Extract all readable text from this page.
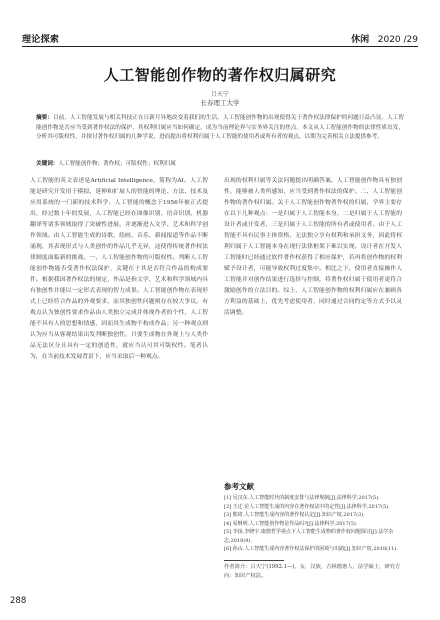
理论探索	休闲 2020 /29
人工智能创作物的著作权归属研究
吕天宁
长春理工大学
摘要：目前，人工智能发展与相关科技正在日新月异地改变着我们的生活，人工智能创作物的出现使得关于著作权法律保护的问题日益凸显。人工智能创作物是否应当受到著作权法的保护，其权利归属应当如何确定，成为当前理论界与实务界关注的焦点。本文从人工智能创作物的法律性质出发，分析其可版权性，并探讨著作权归属的几种学说，进而提出将权利归属于人工智能的使用者或所有者的观点，以期为完善相关立法提供参考。
关键词：人工智能创作物；著作权；可版权性；权利归属
人工智能的英文表述是Artificial Intelligence，简称为AI。人工智能是研究开发用于模拟、延伸和扩展人的智能的理论、方法、技术及应用系统的一门新的技术科学。人工智能的概念于1956年被正式提出，经过数十年的发展，人工智能已经在图像识别、语音识别、机器翻译等诸多领域取得了突破性进展，并逐渐进入文学、艺术和科学创作领域。由人工智能生成的诗歌、绘画、音乐、新闻报道等作品不断涌现，其表现形式与人类创作的作品几乎无异，这使得传统著作权法律制度面临新的挑战。一、人工智能创作物的可版权性。判断人工智能创作物能否受著作权法保护，关键在于其是否符合作品的构成要件。根据我国著作权法的规定，作品是指文学、艺术和科学领域内具有独创性并能以一定形式表现的智力成果。人工智能创作物在表现形式上已经符合作品的外观要求，而其独创性问题则存在较大争议。有观点认为独创性要求作品由人类独立完成并体现作者的个性，人工智能不具有人的思想和情感，因而其生成物不构成作品；另一种观点则认为应当从客观结果出发判断独创性，只要生成物在外观上与人类作品无法区分且具有一定的创造性，就应当认可其可版权性。笔者认为，在当前技术发展背景下，应当采取后一种观点。
出现的权利归属等关法问题提出明确答案。人工智能创作物具有独创性，能够被人类所感知，应当受到著作权法的保护。二、人工智能创作物的著作权归属。关于人工智能创作物著作权的归属，学界主要存在以下几种观点：一是归属于人工智能本身，二是归属于人工智能的设计者或开发者，三是归属于人工智能的所有者或使用者。由于人工智能不具有民事主体资格，无法独立享有权利和承担义务，因此将权利归属于人工智能本身在现行法律框架下难以实现。设计者在开发人工智能时已经通过软件著作权获得了相应保护，若再将创作物的权利赋予设计者，可能导致权利过度集中。相比之下，使用者直接操作人工智能并对创作结果进行选择与控制，将著作权归属于使用者更符合激励创作的立法目的。综上，人工智能创作物的权利归属应在兼顾各方利益的基础上，优先考虑使用者，同时通过合同约定等方式予以灵活调整。
参考文献
[1] 吴汉东.人工智能时代的制度安排与法律规制[J].法律科学,2017(5).
[2] 王迁.论人工智能生成的内容在著作权法中的定性[J].法律科学,2017(5).
[3] 熊琦.人工智能生成内容的著作权认定[J].知识产权,2017(3).
[4] 易继明.人工智能创作物是作品吗?[J].法律科学,2017(5).
[5] 李扬,李晓宇.康德哲学视点下人工智能生成物的著作权问题探讨[J].法学杂志,2018(9).
[6] 孙山.人工智能生成内容著作权法保护的困境与出路[J].知识产权,2018(11).
作者简介：吕天宁(1992.1—)，女，汉族，吉林德惠人，法学硕士，研究方向：知识产权法。
288
